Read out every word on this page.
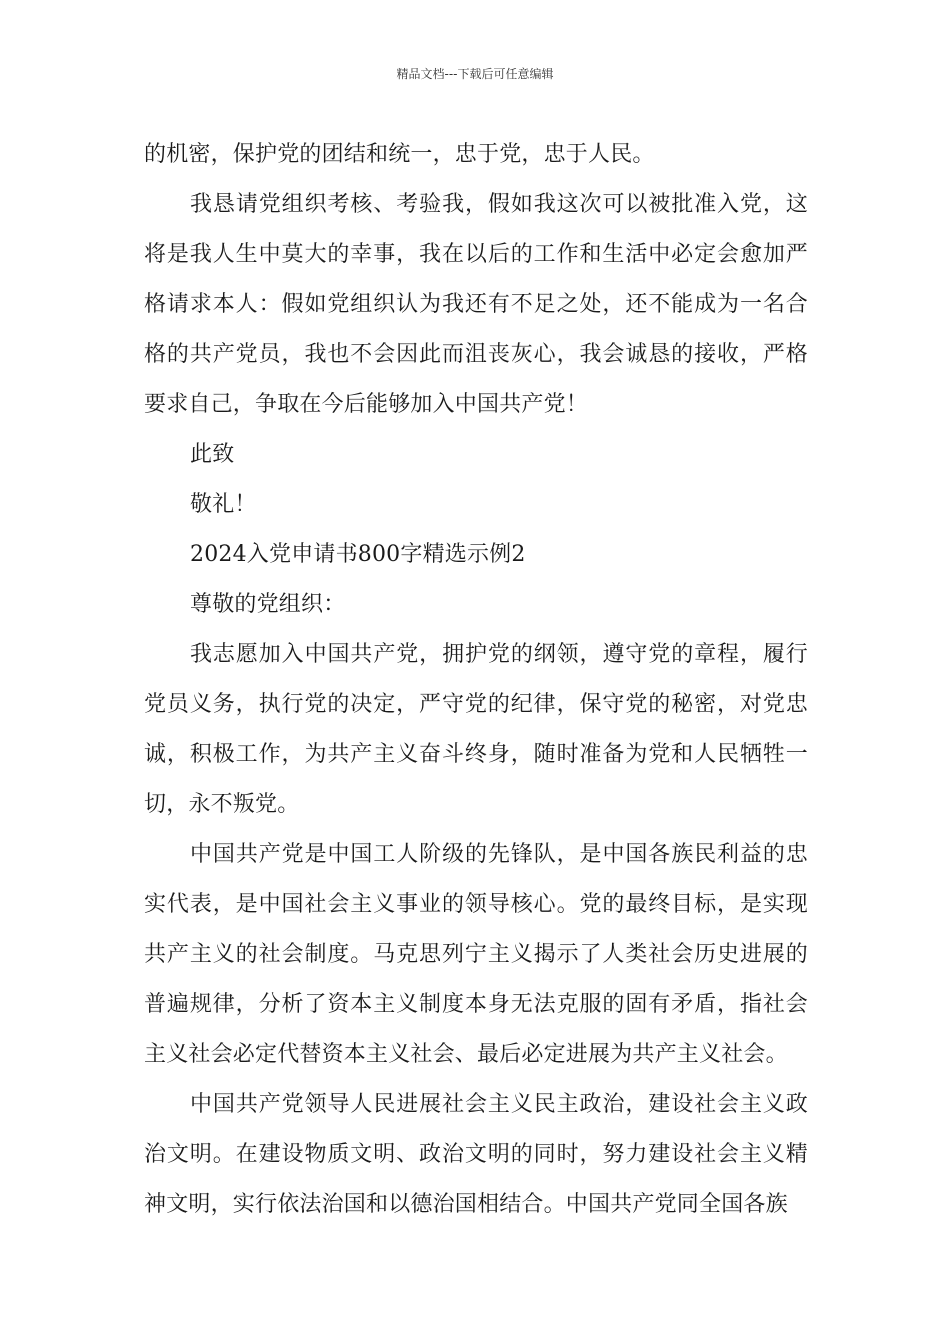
精品文档---下载后可任意编辑

的机密，保护党的团结和统一，忠于党，忠于人民。

我恳请党组织考核、考验我，假如我这次可以被批准入党，这将是我人生中莫大的幸事，我在以后的工作和生活中必定会愈加严格请求本人：假如党组织认为我还有不足之处，还不能成为一名合格的共产党员，我也不会因此而沮丧灰心，我会诚恳的接收，严格要求自己，争取在今后能够加入中国共产党！

此致

敬礼！

2024入党申请书800字精选示例2

尊敬的党组织：

我志愿加入中国共产党，拥护党的纲领，遵守党的章程，履行党员义务，执行党的决定，严守党的纪律，保守党的秘密，对党忠诚，积极工作，为共产主义奋斗终身，随时准备为党和人民牺牲一切，永不叛党。

中国共产党是中国工人阶级的先锋队，是中国各族民利益的忠实代表，是中国社会主义事业的领导核心。党的最终目标，是实现共产主义的社会制度。马克思列宁主义揭示了人类社会历史进展的普遍规律，分析了资本主义制度本身无法克服的固有矛盾，指社会主义社会必定代替资本主义社会、最后必定进展为共产主义社会。

中国共产党领导人民进展社会主义民主政治，建设社会主义政治文明。在建设物质文明、政治文明的同时，努力建设社会主义精神文明，实行依法治国和以德治国相结合。中国共产党同全国各族
